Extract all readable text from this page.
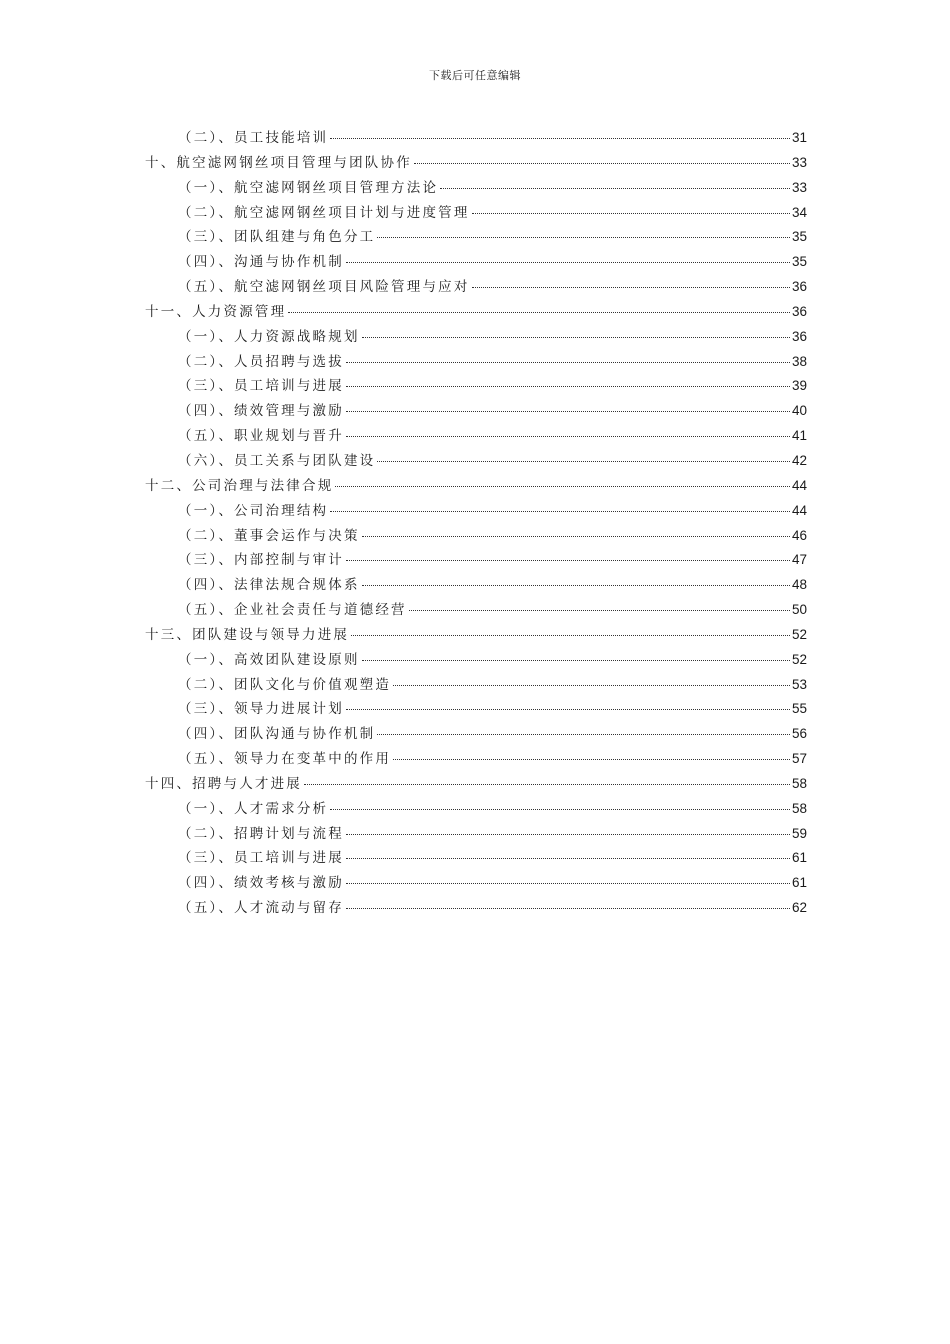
下载后可任意编辑
（二）、员工技能培训	31
十、航空滤网钢丝项目管理与团队协作	33
（一）、航空滤网钢丝项目管理方法论	33
（二）、航空滤网钢丝项目计划与进度管理	34
（三）、团队组建与角色分工	35
（四）、沟通与协作机制	35
（五）、航空滤网钢丝项目风险管理与应对	36
十一、人力资源管理	36
（一）、人力资源战略规划	36
（二）、人员招聘与选拔	38
（三）、员工培训与进展	39
（四）、绩效管理与激励	40
（五）、职业规划与晋升	41
（六）、员工关系与团队建设	42
十二、公司治理与法律合规	44
（一）、公司治理结构	44
（二）、董事会运作与决策	46
（三）、内部控制与审计	47
（四）、法律法规合规体系	48
（五）、企业社会责任与道德经营	50
十三、团队建设与领导力进展	52
（一）、高效团队建设原则	52
（二）、团队文化与价值观塑造	53
（三）、领导力进展计划	55
（四）、团队沟通与协作机制	56
（五）、领导力在变革中的作用	57
十四、招聘与人才进展	58
（一）、人才需求分析	58
（二）、招聘计划与流程	59
（三）、员工培训与进展	61
（四）、绩效考核与激励	61
（五）、人才流动与留存	62
